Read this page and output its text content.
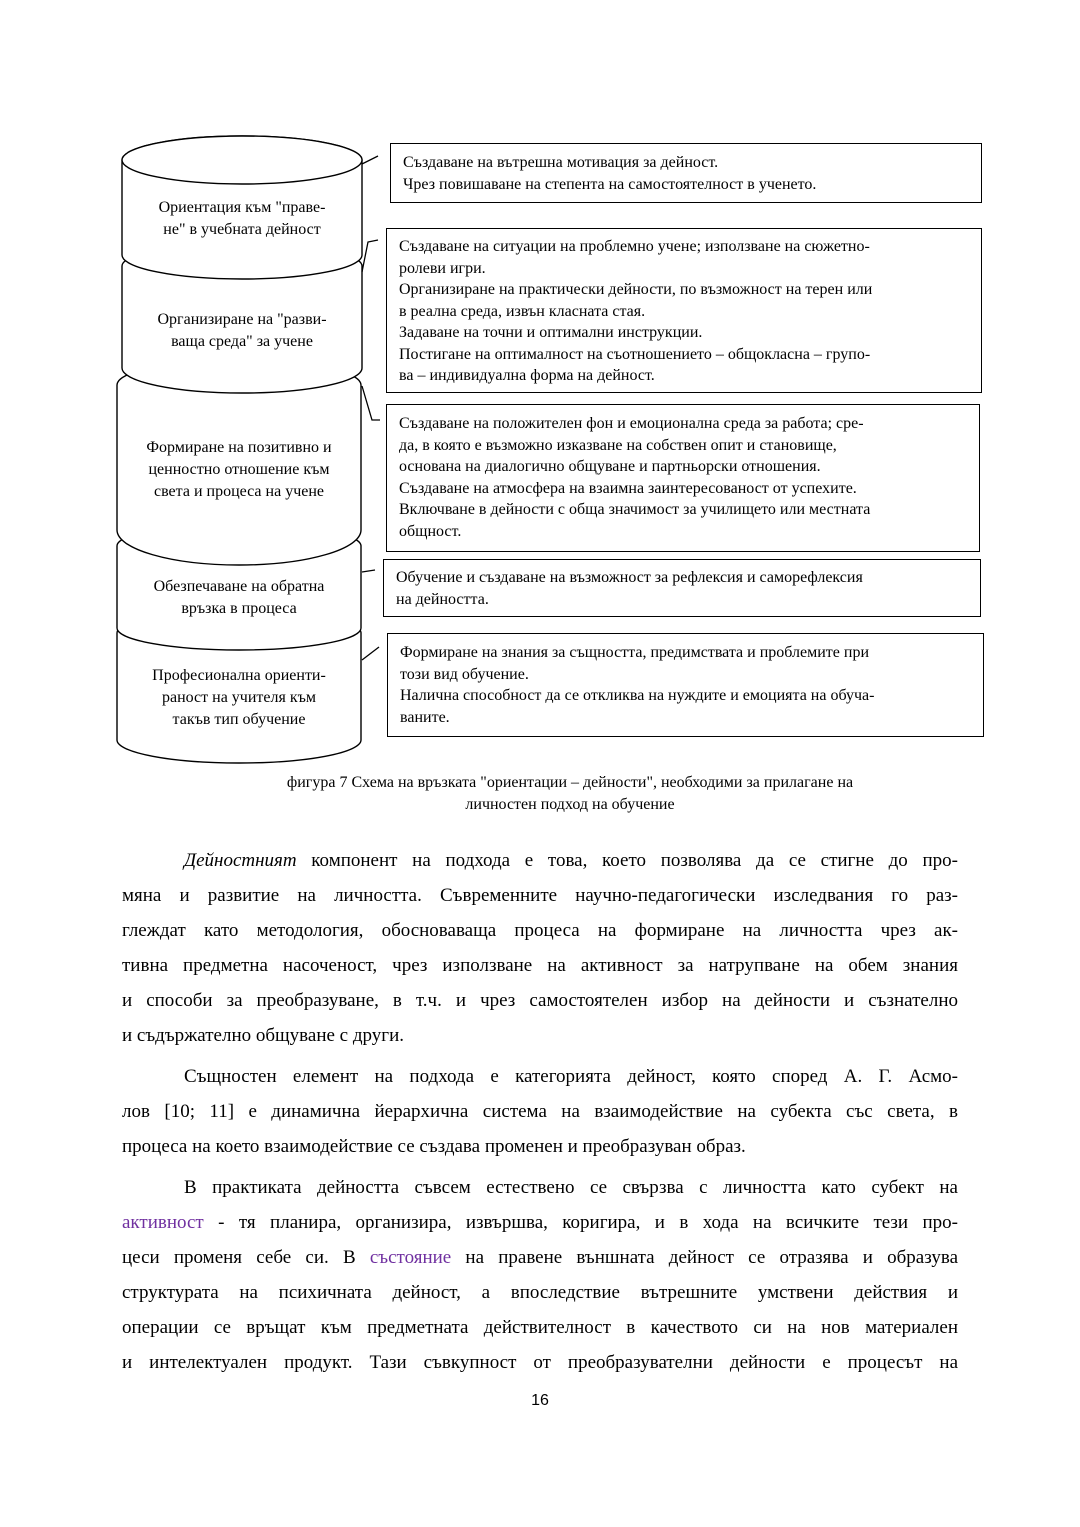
Ориентация към "праве-
не" в учебната дейност
Организиране на "разви-
ваща среда" за учене
Формиране на позитивно и
ценностно отношение към
света и процеса на учене
Обезпечаване на обратна
връзка в процеса
Професионална ориенти-
раност на учителя към
такъв тип обучение
Създаване на вътрешна мотивация за дейност.
Чрез повишаване на степента на самостоятелност в ученето.
Създаване на ситуации на проблемно учене; използване на сюжетно-
ролеви игри.
Организиране на практически дейности, по възможност на терен или
в реална среда, извън класната стая.
Задаване на точни и оптимални инструкции.
Постигане на оптималност на съотношението – общокласна – групо-
ва – индивидуална форма на дейност.
Създаване на положителен фон и емоционална среда за работа; сре-
да, в която е възможно изказване на собствен опит и становище,
основана на диалогично общуване и партньорски отношения.
Създаване на атмосфера на взаимна заинтересованост от успехите.
Включване в дейности с обща значимост за училището или местната
общност.
Обучение и създаване на възможност за рефлексия и саморефлексия
на дейността.
Формиране на знания за същността, предимствата и проблемите при
този вид обучение.
Налична способност да се откликва на нуждите и емоцията на обуча-
ваните.
фигура 7 Схема на връзката "ориентации – дейности", необходими за прилагане на
личностен подход на обучение
Дейностният компонент на подхода е това, което позволява да се стигне до про-
мяна и развитие на личността. Съвременните научно-педагогически изследвания го раз-
глеждат като методология, обосноваваща процеса на формиране на личността чрез ак-
тивна предметна насоченост, чрез използване на активност за натрупване на обем знания
и способи за преобразуване, в т.ч. и чрез самостоятелен избор на дейности и съзнателно
и съдържателно общуване с други.
Същностен елемент на подхода е категорията дейност, която според А. Г. Асмо-
лов [10; 11] е динамична йерархична система на взаимодействие на субекта със света, в
процеса на което взаимодействие се създава променен и преобразуван образ.
В практиката дейността съвсем естествено се свързва с личността като субект на
активност - тя планира, организира, извършва, коригира, и в хода на всичките тези про-
цеси променя себе си. В състояние на правене външната дейност се отразява и образува
структурата на психичната дейност, а впоследствие вътрешните умствени действия и
операции се връщат към предметната действителност в качеството си на нов материален
и интелектуален продукт. Тази съвкупност от преобразувателни дейности е процесът на
16
